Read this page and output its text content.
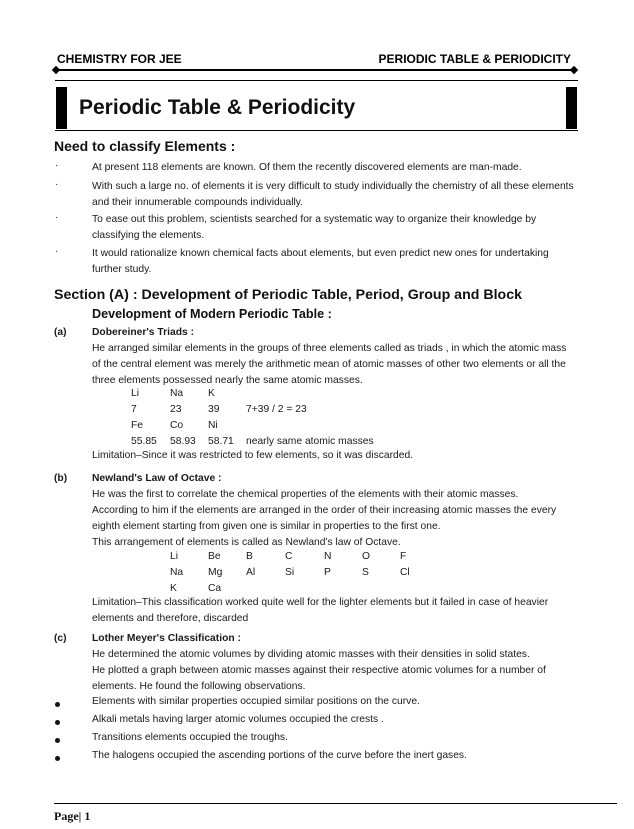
CHEMISTRY FOR JEE	PERIODIC TABLE & PERIODICITY
Periodic Table & Periodicity
Need to classify Elements :
·	At present 118 elements are known. Of them the recently discovered elements are man-made.
·	With such a large no. of elements it is very difficult to study individually the chemistry of all these elements
and their innumerable compounds individually.
·	To ease out this problem, scientists searched for a systematic way to organize their knowledge by
classifying the elements.
·	It would rationalize known chemical facts about elements, but even predict new ones for undertaking
further study.
Section (A) : Development of Periodic Table, Period, Group and Block
Development of Modern Periodic Table :
(a) Dobereiner's Triads :
He arranged similar elements in the groups of three elements called as triads , in which the atomic mass
of the central element was merely the arithmetic mean of atomic masses of other two elements or all the
three elements possessed nearly the same atomic masses.
Li	Na K
7	23	39	7+39 / 2 = 23
Fe	Co Ni
55.85 58.93 58.71 nearly same atomic masses
Limitation–Since it was restricted to few elements, so it was discarded.
(b) Newland's Law of Octave :
He was the first to correlate the chemical properties of the elements with their atomic masses.
According to him if the elements are arranged in the order of their increasing atomic masses the every
eighth element starting from given one is similar in properties to the first one.
This arrangement of elements is called as Newland's law of Octave.
Li	Be B	C	N	O	F
Na Mg Al	Si	P	S	Cl
K	Ca
Limitation–This classification worked quite well for the lighter elements but it failed in case of heavier
elements and therefore, discarded
(c) Lother Meyer's Classification :
He determined the atomic volumes by dividing atomic masses with their densities in solid states.
He plotted a graph between atomic masses against their respective atomic volumes for a number of
elements. He found the following observations.
Elements with similar properties occupied similar positions on the curve.
Alkali metals having larger atomic volumes occupied the crests .
Transitions elements occupied the troughs.
The halogens occupied the ascending portions of the curve before the inert gases.
Page| 1
